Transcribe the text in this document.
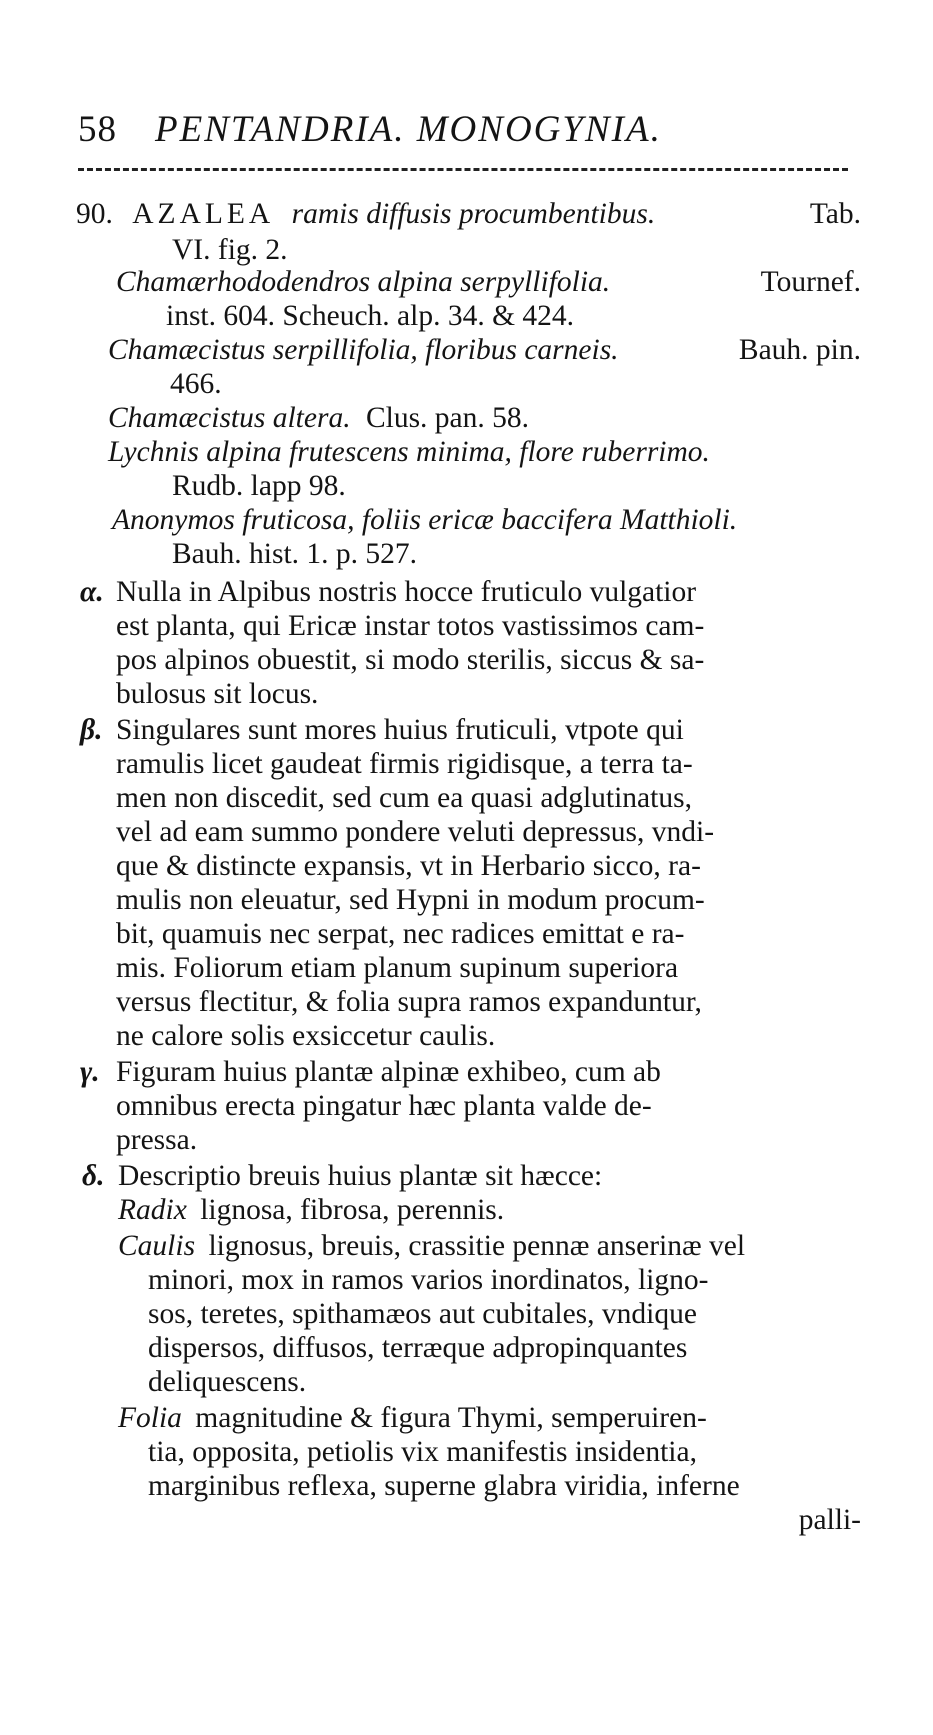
58 PENTANDRIA. MONOGYNIA.
90. AZALEA ramis diffusis procumbentibus.	Tab.
VI. fig. 2.
Chamærhododendros alpina serpyllifolia.	Tournef.
inst. 604. Scheuch. alp. 34. & 424.
Chamæcistus serpillifolia, floribus carneis.	Bauh. pin.
466.
Chamæcistus altera. Clus. pan. 58.
Lychnis alpina frutescens minima, flore ruberrimo.
Rudb. lapp 98.
Anonymos fruticosa, foliis ericæ baccifera Matthioli.
Bauh. hist. 1. p. 527.
α. Nulla in Alpibus nostris hocce fruticulo vulgatior
est planta, qui Ericæ instar totos vastissimos cam-
pos alpinos obuestit, si modo sterilis, siccus & sa-
bulosus sit locus.
β. Singulares sunt mores huius fruticuli, vtpote qui
ramulis licet gaudeat firmis rigidisque, a terra ta-
men non discedit, sed cum ea quasi adglutinatus,
vel ad eam summo pondere veluti depressus, vndi-
que & distincte expansis, vt in Herbario sicco, ra-
mulis non eleuatur, sed Hypni in modum procum-
bit, quamuis nec serpat, nec radices emittat e ra-
mis. Foliorum etiam planum supinum superiora
versus flectitur, & folia supra ramos expanduntur,
ne calore solis exsiccetur caulis.
γ. Figuram huius plantæ alpinæ exhibeo, cum ab
omnibus erecta pingatur hæc planta valde de-
pressa.
δ. Descriptio breuis huius plantæ sit hæcce:
Radix lignosa, fibrosa, perennis.
Caulis lignosus, breuis, crassitie pennæ anserinæ vel
minori, mox in ramos varios inordinatos, ligno-
sos, teretes, spithamæos aut cubitales, vndique
dispersos, diffusos, terræque adpropinquantes
deliquescens.
Folia magnitudine & figura Thymi, semperuiren-
tia, opposita, petiolis vix manifestis insidentia,
marginibus reflexa, superne glabra viridia, inferne
palli-
